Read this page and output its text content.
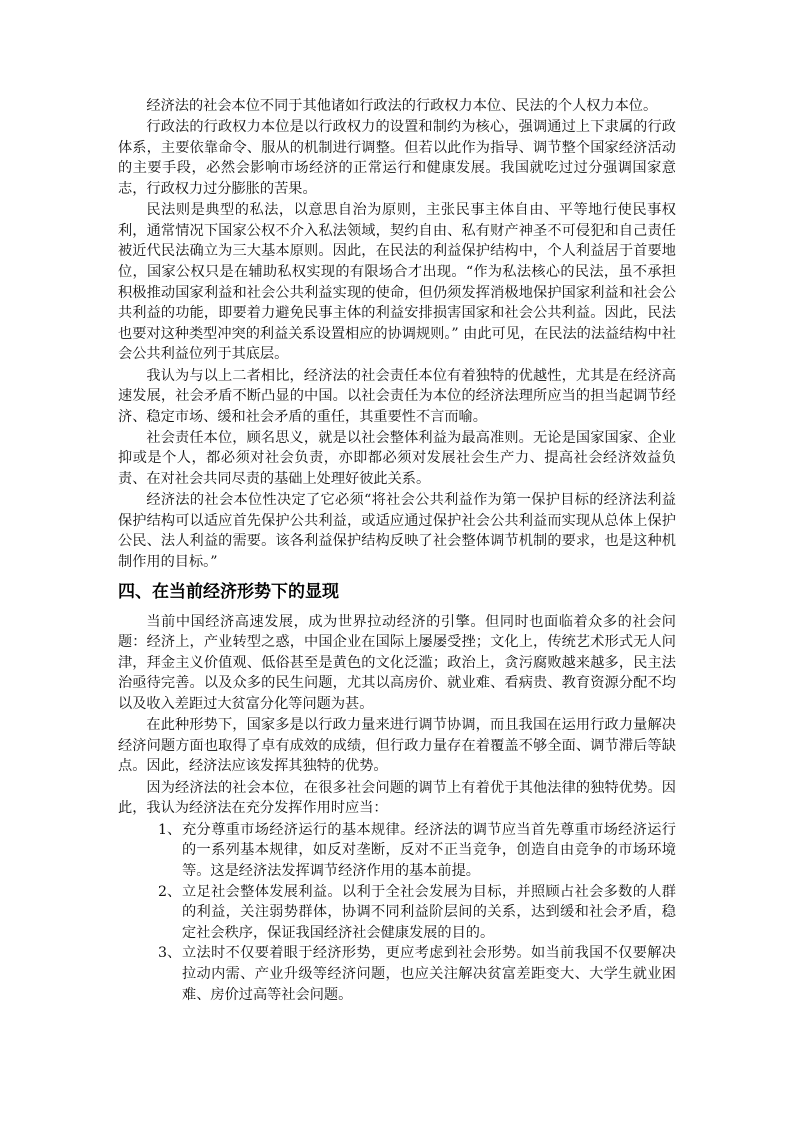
经济法的社会本位不同于其他诸如行政法的行政权力本位、民法的个人权力本位。

行政法的行政权力本位是以行政权力的设置和制约为核心，强调通过上下隶属的行政体系，主要依靠命令、服从的机制进行调整。但若以此作为指导、调节整个国家经济活动的主要手段，必然会影响市场经济的正常运行和健康发展。我国就吃过过分强调国家意志，行政权力过分膨胀的苦果。

民法则是典型的私法，以意思自治为原则，主张民事主体自由、平等地行使民事权利，通常情况下国家公权不介入私法领域，契约自由、私有财产神圣不可侵犯和自己责任被近代民法确立为三大基本原则。因此，在民法的利益保护结构中，个人利益居于首要地位，国家公权只是在辅助私权实现的有限场合才出现。“作为私法核心的民法，虽不承担积极推动国家利益和社会公共利益实现的使命，但仍须发挥消极地保护国家利益和社会公共利益的功能，即要着力避免民事主体的利益安排损害国家和社会公共利益。因此，民法也要对这种类型冲突的利益关系设置相应的协调规则。” 由此可见，在民法的法益结构中社会公共利益位列于其底层。

我认为与以上二者相比，经济法的社会责任本位有着独特的优越性，尤其是在经济高速发展，社会矛盾不断凸显的中国。以社会责任为本位的经济法理所应当的担当起调节经济、稳定市场、缓和社会矛盾的重任，其重要性不言而喻。

社会责任本位，顾名思义，就是以社会整体利益为最高准则。无论是国家国家、企业抑或是个人，都必须对社会负责，亦即都必须对发展社会生产力、提高社会经济效益负责、在对社会共同尽责的基础上处理好彼此关系。

经济法的社会本位性决定了它必须“将社会公共利益作为第一保护目标的经济法利益保护结构可以适应首先保护公共利益，或适应通过保护社会公共利益而实现从总体上保护公民、法人利益的需要。该各利益保护结构反映了社会整体调节机制的要求，也是这种机制作用的目标。”

四、在当前经济形势下的显现

当前中国经济高速发展，成为世界拉动经济的引擎。但同时也面临着众多的社会问题：经济上，产业转型之惑，中国企业在国际上屡屡受挫；文化上，传统艺术形式无人问津，拜金主义价值观、低俗甚至是黄色的文化泛滥；政治上，贪污腐败越来越多，民主法治亟待完善。以及众多的民生问题，尤其以高房价、就业难、看病贵、教育资源分配不均以及收入差距过大贫富分化等问题为甚。

在此种形势下，国家多是以行政力量来进行调节协调，而且我国在运用行政力量解决经济问题方面也取得了卓有成效的成绩，但行政力量存在着覆盖不够全面、调节滞后等缺点。因此，经济法应该发挥其独特的优势。

因为经济法的社会本位，在很多社会问题的调节上有着优于其他法律的独特优势。因此，我认为经济法在充分发挥作用时应当：

1、 充分尊重市场经济运行的基本规律。经济法的调节应当首先尊重市场经济运行的一系列基本规律，如反对垄断，反对不正当竞争，创造自由竞争的市场环境等。这是经济法发挥调节经济作用的基本前提。
2、 立足社会整体发展利益。以利于全社会发展为目标，并照顾占社会多数的人群的利益，关注弱势群体，协调不同利益阶层间的关系，达到缓和社会矛盾，稳定社会秩序，保证我国经济社会健康发展的目的。
3、 立法时不仅要着眼于经济形势，更应考虑到社会形势。如当前我国不仅要解决拉动内需、产业升级等经济问题，也应关注解决贫富差距变大、大学生就业困难、房价过高等社会问题。
